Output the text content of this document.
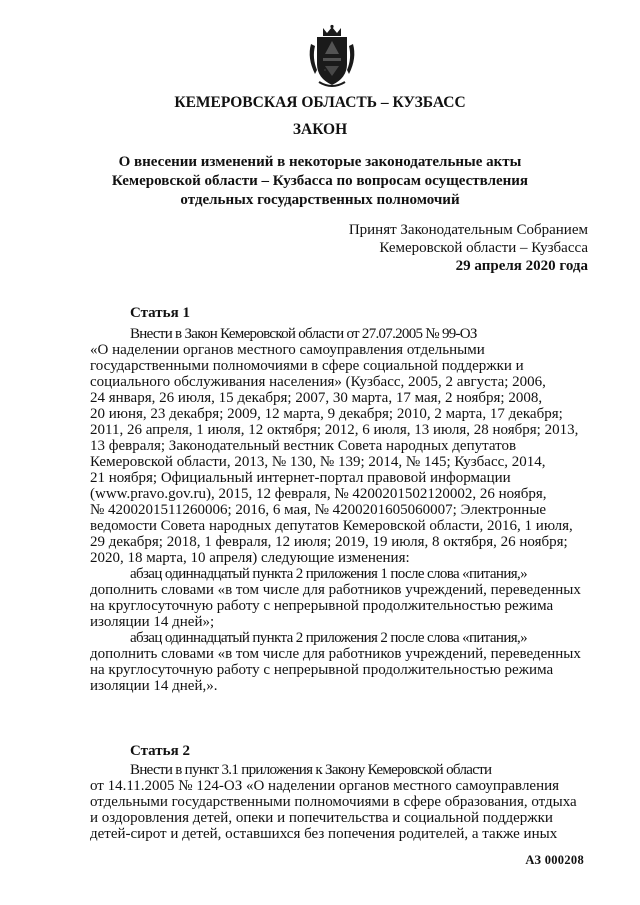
КЕМЕРОВСКАЯ ОБЛАСТЬ – КУЗБАСС
ЗАКОН
О внесении изменений в некоторые законодательные акты
Кемеровской области – Кузбасса по вопросам осуществления
отдельных государственных полномочий
Принят Законодательным Собранием
Кемеровской области – Кузбасса
29 апреля 2020 года
Статья 1

Внести в Закон Кемеровской области от 27.07.2005 № 99-ОЗ

«О наделении органов местного самоуправления отдельными
государственными полномочиями в сфере социальной поддержки и
социального обслуживания населения» (Кузбасс, 2005, 2 августа; 2006,
24 января, 26 июля, 15 декабря; 2007, 30 марта, 17 мая, 2 ноября; 2008,
20 июня, 23 декабря; 2009, 12 марта, 9 декабря; 2010, 2 марта, 17 декабря;
2011, 26 апреля, 1 июля, 12 октября; 2012, 6 июля, 13 июля, 28 ноября; 2013,
13 февраля; Законодательный вестник Совета народных депутатов
Кемеровской области, 2013, № 130, № 139; 2014, № 145; Кузбасс, 2014,
21 ноября; Официальный интернет-портал правовой информации
(www.pravo.gov.ru), 2015, 12 февраля, № 4200201502120002, 26 ноября,
№ 4200201511260006; 2016, 6 мая, № 4200201605060007; Электронные
ведомости Совета народных депутатов Кемеровской области, 2016, 1 июля,
29 декабря; 2018, 1 февраля, 12 июля; 2019, 19 июля, 8 октября, 26 ноября;
2020, 18 марта, 10 апреля) следующие изменения:

абзац одиннадцатый пункта 2 приложения 1 после слова «питания,»

дополнить словами «в том числе для работников учреждений, переведенных
на круглосуточную работу с непрерывной продолжительностью режима
изоляции 14 дней»;

абзац одиннадцатый пункта 2 приложения 2 после слова «питания,»

дополнить словами «в том числе для работников учреждений, переведенных
на круглосуточную работу с непрерывной продолжительностью режима
изоляции 14 дней,».
Статья 2

Внести в пункт 3.1 приложения к Закону Кемеровской области

от 14.11.2005 № 124-ОЗ «О наделении органов местного самоуправления
отдельными государственными полномочиями в сфере образования, отдыха
и оздоровления детей, опеки и попечительства и социальной поддержки
детей-сирот и детей, оставшихся без попечения родителей, а также иных
АЗ 000208
